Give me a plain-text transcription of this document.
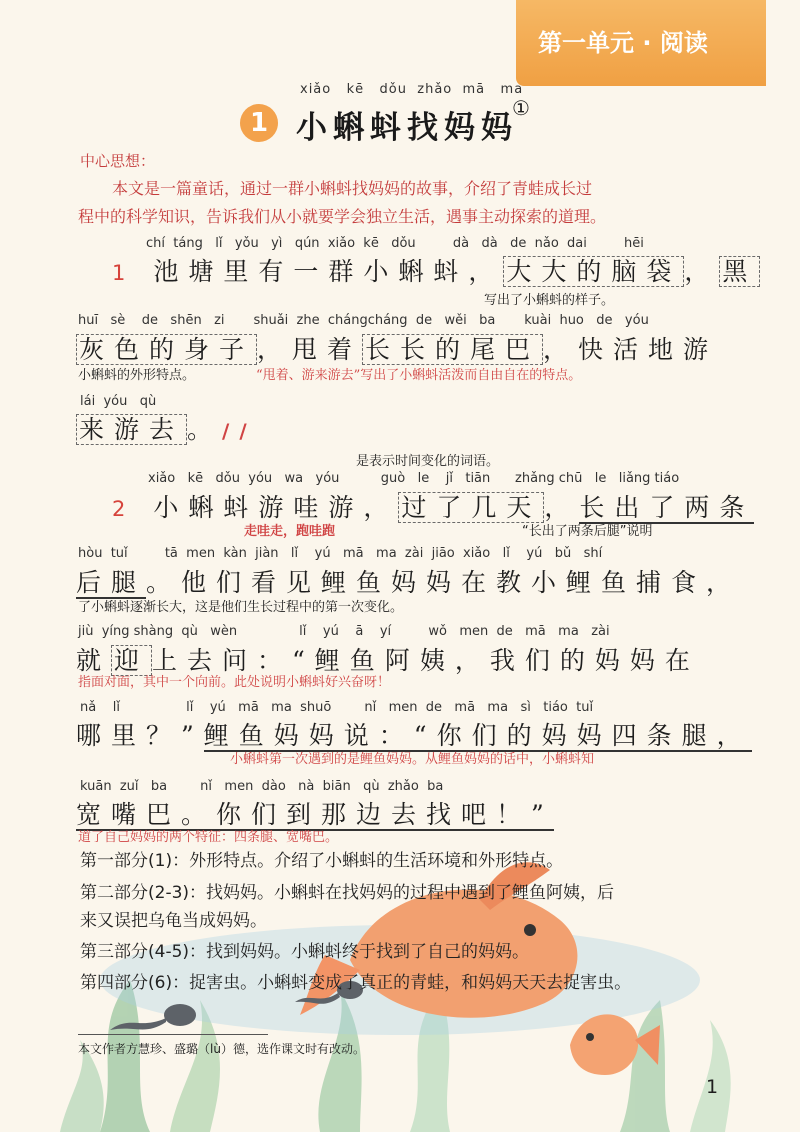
第一单元 · 阅读
xiǎo   kē   dǒu  zhǎo  mā   ma
1 小蝌蚪找妈妈
①
中心思想：
本文是一篇童话，通过一群小蝌蚪找妈妈的故事，介绍了青蛙成长过
程中的科学知识，告诉我们从小就要学会独立生活，遇事主动探索的道理。
chí  táng   lǐ   yǒu   yì   qún  xiǎo  kē   dǒu         dà   dà   de  nǎo  dai         hēi
1 池塘里有一群小蝌蚪， 大大的脑袋 ， 黑
写出了小蝌蚪的样子。
huī   sè    de   shēn   zi       shuǎi  zhe  chángcháng  de   wěi   ba       kuài  huo   de   yóu
灰色的身子 ，甩着 长长的尾巴 ，快活地游
小蝌蚪的外形特点。	“甩着、游来游去”写出了小蝌蚪活泼而自由自在的特点。
lái  yóu   qù
来游去 。//
是表示时间变化的词语。
xiǎo   kē   dǒu  yóu   wa   yóu          guò   le    jǐ   tiān      zhǎng chū   le   liǎng tiáo
2 小蝌蚪游哇游， 过了几天 ，长出了两条
走哇走，跑哇跑	“长出了两条后腿”说明
hòu  tuǐ         tā  men  kàn  jiàn   lǐ    yú   mā   ma  zài  jiāo  xiǎo   lǐ    yú   bǔ   shí
后腿。他们看见鲤鱼妈妈在教小鲤鱼捕食，
了小蝌蚪逐渐长大，这是他们生长过程中的第一次变化。
jiù  yíng shàng  qù   wèn               lǐ    yú    ā    yí         wǒ   men  de   mā   ma   zài
就 迎 上去问：“鲤鱼阿姨，我们的妈妈在
指面对面，其中一个向前。此处说明小蝌蚪好兴奋呀！
nǎ    lǐ                lǐ    yú   mā   ma  shuō        nǐ   men  de   mā   ma   sì   tiáo  tuǐ
哪里？”鲤鱼妈妈说：“你们的妈妈四条腿，
小蝌蚪第一次遇到的是鲤鱼妈妈。从鲤鱼妈妈的话中，小蝌蚪知
kuān  zuǐ   ba        nǐ   men  dào   nà  biān   qù  zhǎo  ba
宽嘴巴。你们到那边去找吧！”
道了自己妈妈的两个特征：四条腿、宽嘴巴。
第一部分(1)：外形特点。介绍了小蝌蚪的生活环境和外形特点。
第二部分(2-3)：找妈妈。小蝌蚪在找妈妈的过程中遇到了鲤鱼阿姨，后
来又误把乌龟当成妈妈。
第三部分(4-5)：找到妈妈。小蝌蚪终于找到了自己的妈妈。
第四部分(6)：捉害虫。小蝌蚪变成了真正的青蛙，和妈妈天天去捉害虫。
本文作者方慧珍、盛璐（lù）德，选作课文时有改动。
1
